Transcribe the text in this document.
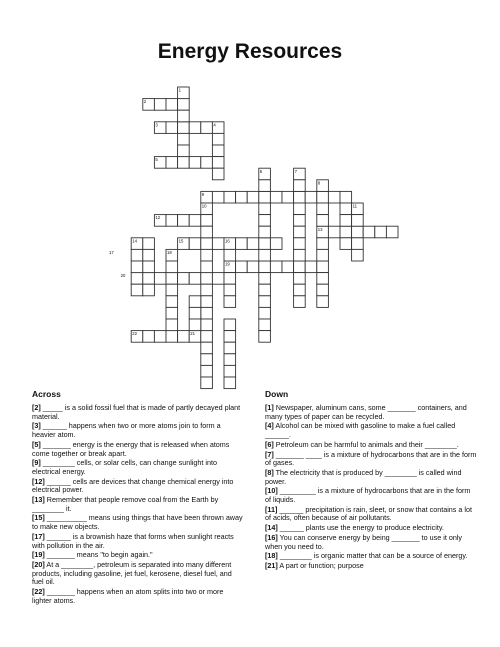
Energy Resources
1
2
3	4
5
6	7
8
9
10	11
12
13
14	15	16
17	18
19
20
21
22
Across
[2] _____ is a solid fossil fuel that is made of partly decayed plant material.
[3] ______ happens when two or more atoms join to form a heavier atom.
[5] _______ energy is the energy that is released when atoms come together or break apart.
[9] ________ cells, or solar cells, can change sunlight into electrical energy.
[12] ______ cells are devices that change chemical energy into electrical power.
[13] Remember that people remove coal from the Earth by ________ it.
[15] __________ means using things that have been thrown away to make new objects.
[17] ______ is a brownish haze that forms when sunlight reacts with pollution in the air.
[19] _______ means "to begin again."
[20] At a ________, petroleum is separated into many different products, including gasoline, jet fuel, kerosene, diesel fuel, and fuel oil.
[22] _______ happens when an atom splits into two or more lighter atoms.
Down
[1] Newspaper, aluminum cans, some _______ containers, and many types of paper can be recycled.
[4] Alcohol can be mixed with gasoline to make a fuel called ______.
[6] Petroleum can be harmful to animals and their ________.
[7] _______ ____ is a mixture of hydrocarbons that are in the form of gases.
[8] The electricity that is produced by ________ is called wind power.
[10] _________ is a mixture of hydrocarbons that are in the form of liquids.
[11] ______ precipitation is rain, sleet, or snow that contains a lot of acids, often because of air pollutants.
[14] ______ plants use the energy to produce electricity.
[16] You can conserve energy by being _______ to use it only when you need to.
[18] ________ is organic matter that can be a source of energy.
[21] A part or function; purpose
